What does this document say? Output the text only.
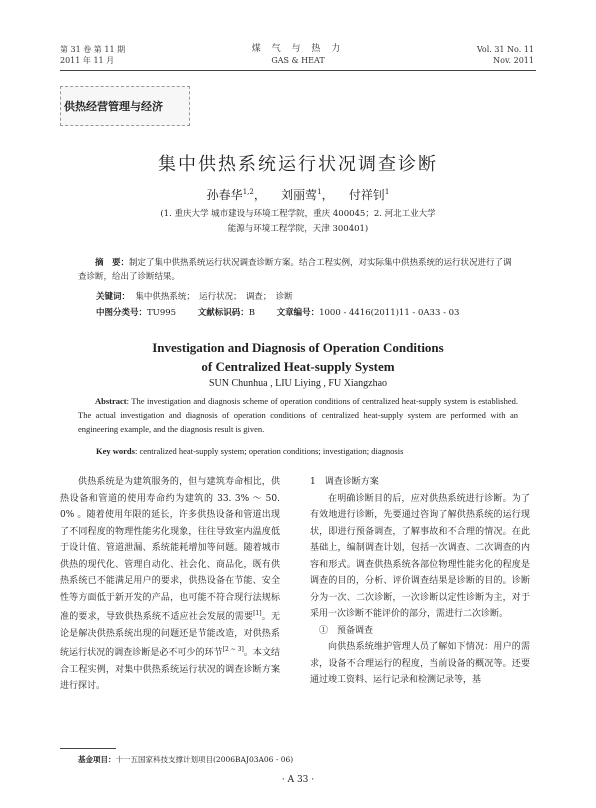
第 31 卷 第 11 期
2011 年 11 月
煤 气 与 热 力
GAS & HEAT
Vol. 31 No. 11
Nov. 2011
供热经营管理与经济
集中供热系统运行状况调查诊断
孙春华$^{1,2}$，    刘丽莺$^1$，    付祥钊$^1$
(1. 重庆大学 城市建设与环境工程学院，重庆 400045；2. 河北工业大学
能源与环境工程学院，天津 300401)
摘　要：制定了集中供热系统运行状况调查诊断方案。结合工程实例，对实际集中供热系统的运行状况进行了调查诊断，给出了诊断结果。
关键词： 集中供热系统；　运行状况；　调查；　诊断
中图分类号：TU995	文献标识码：B	文章编号：1000 - 4416(2011)11 - 0A33 - 03
Investigation and Diagnosis of Operation Conditions
of Centralized Heat-supply System
SUN Chunhua , LIU Liying , FU Xiangzhao
Abstract: The investigation and diagnosis scheme of operation conditions of centralized heat-supply system is established. The actual investigation and diagnosis of operation conditions of centralized heat-supply system are performed with an engineering example, and the diagnosis result is given.
Key words: centralized heat-supply system; operation conditions; investigation; diagnosis

供热系统是为建筑服务的，但与建筑寿命相比，供热设备和管道的使用寿命约为建筑的 33. 3% ～ 50. 0% 。随着使用年限的延长，许多供热设备和管道出现了不同程度的物理性能劣化现象，往往导致室内温度低于设计值、管道泄漏、系统能耗增加等问题。随着城市供热的现代化、管理自动化、社会化、商品化，既有供热系统已不能满足用户的要求，供热设备在节能、安全性等方面低于新开发的产品，也可能不符合现行法规标准的要求，导致供热系统不适应社会发展的需要[1]。无论是解决供热系统出现的问题还是节能改造，对供热系统运行状况的调查诊断是必不可少的环节[2 ~ 3]。本文结合工程实例，对集中供热系统运行状况的调查诊断方案进行探讨。

1　调查诊断方案

在明确诊断目的后，应对供热系统进行诊断。为了有效地进行诊断，先要通过咨询了解供热系统的运行现状，即进行预备调查，了解事故和不合理的情况。在此基础上，编制调查计划，包括一次调查、二次调查的内容和形式。调查供热系统各部位物理性能劣化的程度是调查的目的，分析、评价调查结果是诊断的目的。诊断分为一次、二次诊断，一次诊断以定性诊断为主，对于采用一次诊断不能评价的部分，需进行二次诊断。

①　预备调查

向供热系统维护管理人员了解如下情况：用户的需求，设备不合理运行的程度，当前设备的概况等。还要通过竣工资料、运行记录和检测记录等，基

基金项目：十一五国家科技支撑计划项目(2006BAJ03A06 - 06)
· A 33 ·
